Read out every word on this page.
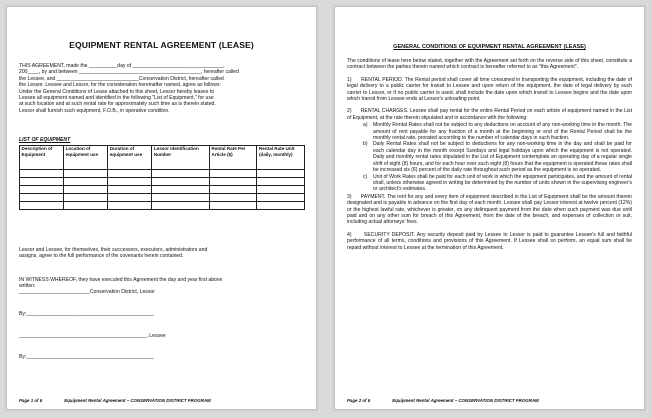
EQUIPMENT RENTAL AGREEMENT (LEASE)
THIS AGREEMENT, made the __________day of ________________________________,
200____, by and between ___________________________________________, hereafter called
the Lessee, and _____________________________Conservation District, hereafter called
the Lessor. Lessee and Lessor, for the consideration hereinafter named, agree as follows:
Under the General Conditions of Lease attached to this sheet, Lessor hereby leases to
Lessee all equipment named and identified in the following "List of Equipment," for use
at such location and at such rental rate for approximately such time as is therein stated.
Lessor shall furnish such equipment, F.O.B., in operative condition.
LIST OF EQUIPMENT
Description of Equipment	Location of equipment use	Duration of equipment use	Lessor Identification Number	Rental Rate Per Article ($)	Rental Rate Unit (daily, monthly)

Lessor and Lessee, for themselves, their successors, executors, administrators and
assigns, agree to the full performance of the covenants herein contained.
IN WITNESS WHEREOF, they have executed this Agreement the day and year first above
written:
_________________________Conservation District, Lessor
By:_____________________________________________
_____________________________________________, Lessee
By:_____________________________________________
Page 1 of 6	Equipment Rental Agreement – CONSERVATION DISTRICT PROGRAM
GENERAL CONDITIONS OF EQUIPMENT RENTAL AGREEMENT (LEASE)

The conditions of lease here below stated, together with the Agreement set forth on the reverse side of this sheet, constitute a contract between the parties therein named which contract is hereafter referred to as "this Agreement".

1)      RENTAL PERIOD. The Rental period shall cover all time consumed in transporting the equipment, including the date of legal delivery to a public carrier for transit to Lessee and upon return of the equipment, the date of legal delivery by such carrier to Lessor, or if no public carrier is used, shall include the date upon which transit to Lessee begins and the date upon which transit from Lessee ends at Lessor's unloading point.

2)      RENTAL CHARGES. Lessee shall pay rental for the entire Rental Period on each article of equipment named in the List of Equipment, at the rate therein stipulated and in accordance with the following:

a)	Monthly Rental Rates shall not be subject to any deductions on account of any non-working time in the month. The amount of rent payable for any fraction of a month at the beginning or end of the Rental Period shall be the monthly rental rate, prorated according to the number of calendar days in such fraction.
b)	Daily Rental Rates shall not be subject to deductions for any non-working time in the day and shall be paid for each calendar day in the month except Sundays and legal holidays upon which the equipment is not operated. Daily and monthly rental rates stipulated in the List of Equipment contemplate an operating day of a regular single shift of eight (8) hours, and for each hour over such eight (8) hours that the equipment is operated these rates shall be increased six (6) percent of the daily rate throughout such period as the equipment is so operated.
c)	Unit of Work Rates shall be paid for each unit of work in which the equipment participates, and the amount of rental shall, unless otherwise agreed in writing be determined by the number of units shown in the supervising engineer's or architect's estimates.

3)      PAYMENT. The rent for any and every item of equipment described in the List of Equipment shall be the amount therein designated and is payable in advance on the first day of each month. Lessee shall pay Lessor interest at twelve percent (12%) or the highest lawful rate, whichever is greater, on any delinquent payment from the date when such payment was due until paid and on any other sum for breach of this Agreement, from the date of the breach, and expenses of collection or suit, including actual attorneys' fees.

4)      SECURITY DEPOSIT. Any security deposit paid by Lessee to Lessor is paid to guarantee Lessee's full and faithful performance of all terms, conditions and provisions of this Agreement. If Lessee shall so perform, an equal sum shall be repaid without interest to Lessee at the termination of this Agreement.

Page 2 of 6	Equipment Rental Agreement – CONSERVATION DISTRICT PROGRAM
